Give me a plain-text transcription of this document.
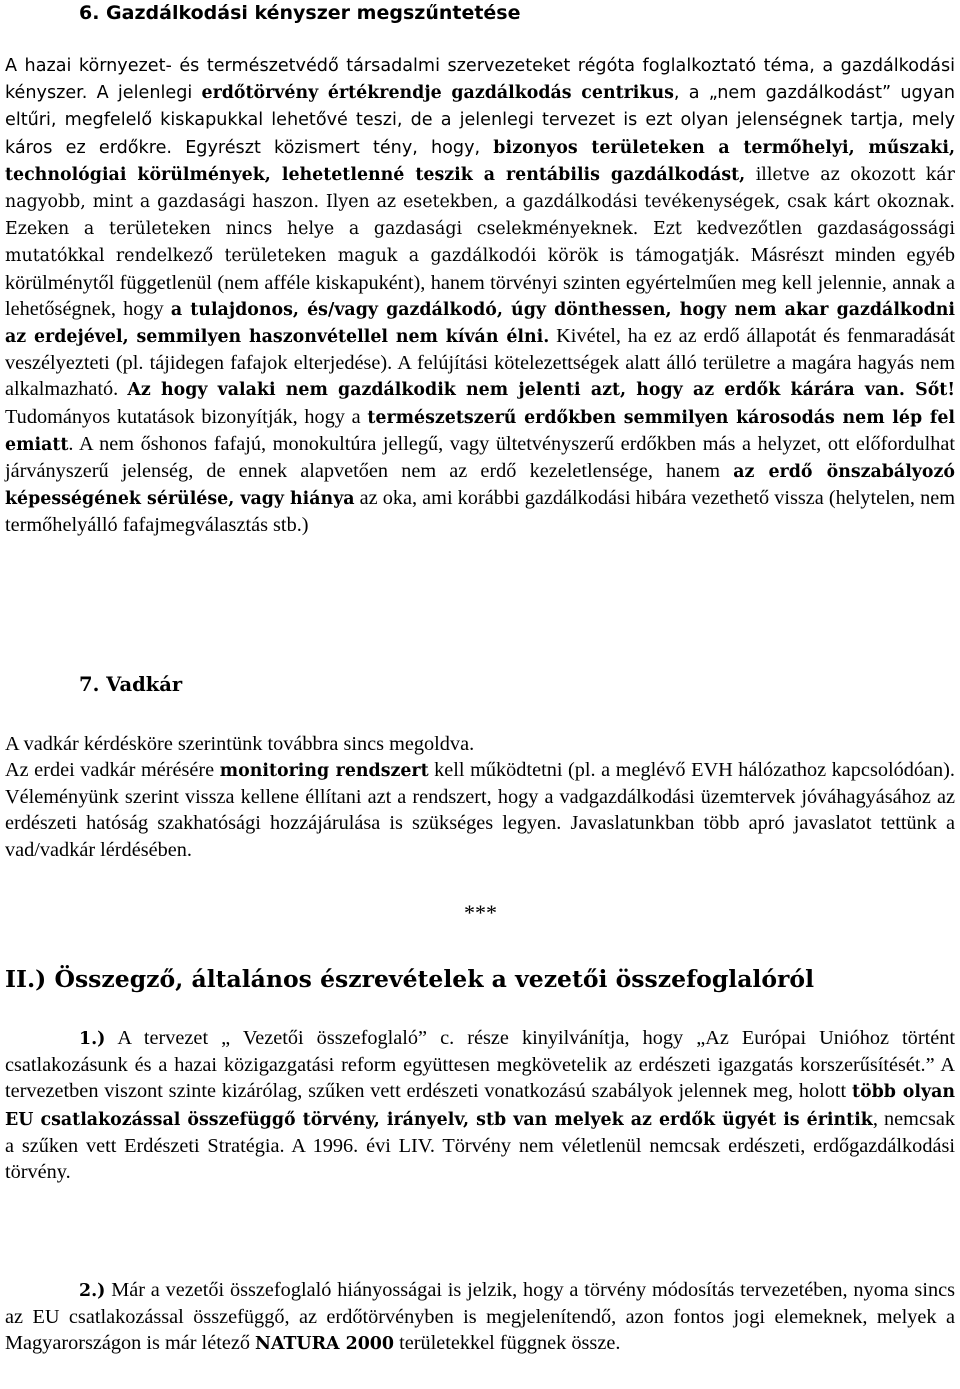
6. Gazdálkodási kényszer megszűntetése

A hazai környezet- és természetvédő társadalmi szervezeteket régóta foglalkoztató téma, a gazdálkodási kényszer. A jelenlegi erdőtörvény értékrendje gazdálkodás centrikus, a „nem gazdálkodást” ugyan eltűri, megfelelő kiskapukkal lehetővé teszi, de a jelenlegi tervezet is ezt olyan jelenségnek tartja, mely káros ez erdőkre. Egyrészt közismert tény, hogy, bizonyos területeken a termőhelyi, műszaki, technológiai körülmények, lehetetlenné teszik a rentábilis gazdálkodást, illetve az okozott kár nagyobb, mint a gazdasági haszon. Ilyen az esetekben, a gazdálkodási tevékenységek, csak kárt okoznak. Ezeken a területeken nincs helye a gazdasági cselekményeknek. Ezt kedvezőtlen gazdaságossági mutatókkal rendelkező területeken maguk a gazdálkodói körök is támogatják. Másrészt minden egyéb körülménytől függetlenül (nem afféle kiskapuként), hanem törvényi szinten egyértelműen meg kell jelennie, annak a lehetőségnek, hogy a tulajdonos, és/vagy gazdálkodó, úgy dönthessen, hogy nem akar gazdálkodni az erdejével, semmilyen haszonvétellel nem kíván élni. Kivétel, ha ez az erdő állapotát és fenmaradását veszélyezteti (pl. tájidegen fafajok elterjedése). A felújítási kötelezettségek alatt álló területre a magára hagyás nem alkalmazható. Az hogy valaki nem gazdálkodik nem jelenti azt, hogy az erdők kárára van. Sőt! Tudományos kutatások bizonyítják, hogy a természetszerű erdőkben semmilyen károsodás nem lép fel emiatt. A nem őshonos fafajú, monokultúra jellegű, vagy ültetvényszerű erdőkben más a helyzet, ott előfordulhat járványszerű jelenség, de ennek alapvetően nem az erdő kezeletlensége, hanem az erdő önszabályozó képességének sérülése, vagy hiánya az oka, ami korábbi gazdálkodási hibára vezethető vissza (helytelen, nem termőhelyálló fafajmegválasztás stb.)

7. Vadkár

A vadkár kérdésköre szerintünk továbbra sincs megoldva.

Az erdei vadkár mérésére monitoring rendszert kell működtetni (pl. a meglévő EVH hálózathoz kapcsolódóan). Véleményünk szerint vissza kellene éllítani azt a rendszert, hogy a vadgazdálkodási üzemtervek jóváhagyásához az erdészeti hatóság szakhatósági hozzájárulása is szükséges legyen. Javaslatunkban több apró javaslatot tettünk a vad/vadkár lérdésében.

***
II.) Összegző, általános észrevételek a vezetői összefoglalóról

1.) A tervezet „ Vezetői összefoglaló” c. része kinyilvánítja, hogy „Az Európai Unióhoz történt csatlakozásunk és a hazai közigazgatási reform együttesen megkövetelik az erdészeti igazgatás korszerűsítését.” A tervezetben viszont szinte kizárólag, szűken vett erdészeti vonatkozású szabályok jelennek meg, holott több olyan EU csatlakozással összefüggő törvény, irányelv, stb van melyek az erdők ügyét is érintik, nemcsak a szűken vett Erdészeti Stratégia. A 1996. évi LIV. Törvény nem véletlenül nemcsak erdészeti, erdőgazdálkodási törvény.

2.) Már a vezetői összefoglaló hiányosságai is jelzik, hogy a törvény módosítás tervezetében, nyoma sincs az EU csatlakozással összefüggő, az erdőtörvényben is megjelenítendő, azon fontos jogi elemeknek, melyek a Magyarországon is már létező NATURA 2000 területekkel függnek össze.
